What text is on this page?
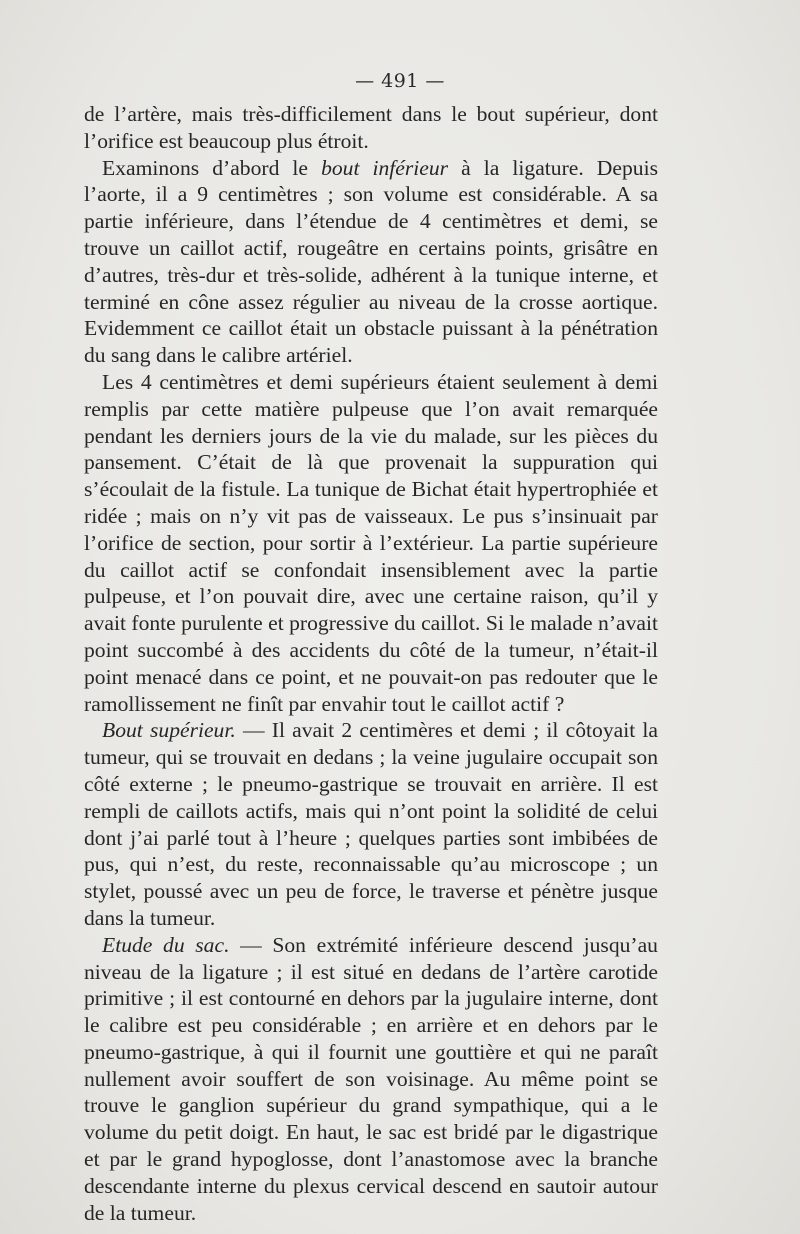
— 491 —

de l’artère, mais très-difficilement dans le bout supérieur, dont l’orifice est beaucoup plus étroit.

Examinons d’abord le bout inférieur à la ligature. Depuis l’aorte, il a 9 centimètres ; son volume est considérable. A sa partie inférieure, dans l’étendue de 4 centimètres et demi, se trouve un caillot actif, rougeâtre en certains points, grisâtre en d’autres, très-dur et très-solide, adhérent à la tunique interne, et terminé en cône assez régulier au niveau de la crosse aortique. Evidemment ce caillot était un obstacle puissant à la pénétration du sang dans le calibre artériel.

Les 4 centimètres et demi supérieurs étaient seulement à demi remplis par cette matière pulpeuse que l’on avait remarquée pendant les derniers jours de la vie du malade, sur les pièces du pansement. C’était de là que provenait la suppuration qui s’écoulait de la fistule. La tunique de Bichat était hypertrophiée et ridée ; mais on n’y vit pas de vaisseaux. Le pus s’insinuait par l’orifice de section, pour sortir à l’extérieur. La partie supérieure du caillot actif se confondait insensiblement avec la partie pulpeuse, et l’on pouvait dire, avec une certaine raison, qu’il y avait fonte purulente et progressive du caillot. Si le malade n’avait point succombé à des accidents du côté de la tumeur, n’était-il point menacé dans ce point, et ne pouvait-on pas redouter que le ramollissement ne finît par envahir tout le caillot actif ?

Bout supérieur. — Il avait 2 centimères et demi ; il côtoyait la tumeur, qui se trouvait en dedans ; la veine jugulaire occupait son côté externe ; le pneumo-gastrique se trouvait en arrière. Il est rempli de caillots actifs, mais qui n’ont point la solidité de celui dont j’ai parlé tout à l’heure ; quelques parties sont imbibées de pus, qui n’est, du reste, reconnaissable qu’au microscope ; un stylet, poussé avec un peu de force, le traverse et pénètre jusque dans la tumeur.

Etude du sac. — Son extrémité inférieure descend jusqu’au niveau de la ligature ; il est situé en dedans de l’artère carotide primitive ; il est contourné en dehors par la jugulaire interne, dont le calibre est peu considérable ; en arrière et en dehors par le pneumo-gastrique, à qui il fournit une gouttière et qui ne paraît nullement avoir souffert de son voisinage. Au même point se trouve le ganglion supérieur du grand sympathique, qui a le volume du petit doigt. En haut, le sac est bridé par le digastrique et par le grand hypoglosse, dont l’anastomose avec la branche descendante interne du plexus cervical descend en sautoir autour de la tumeur.
